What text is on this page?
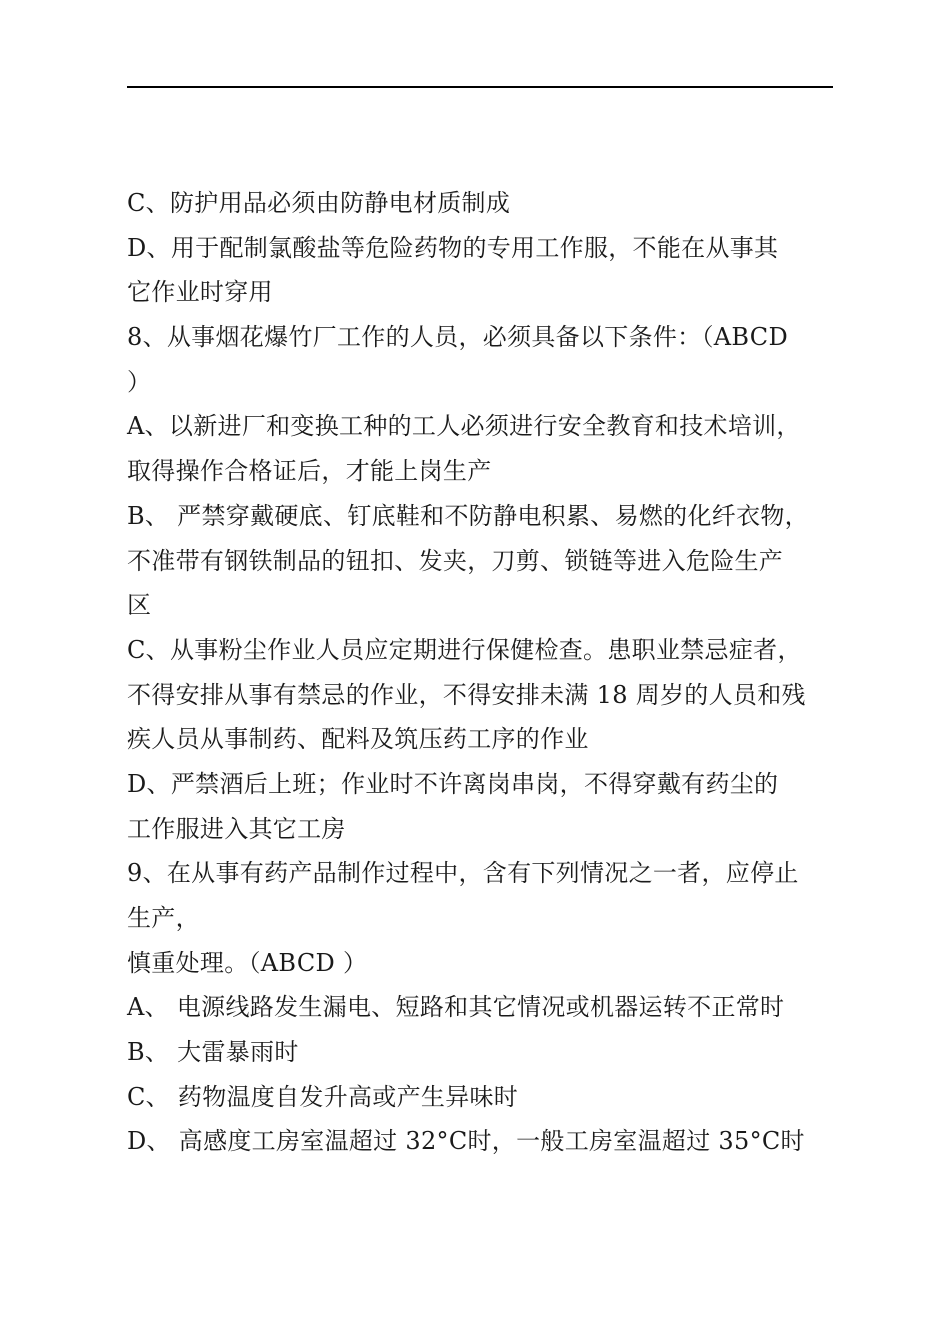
C、防护用品必须由防静电材质制成
D、用于配制氯酸盐等危险药物的专用工作服，不能在从事其
它作业时穿用
8、从事烟花爆竹厂工作的人员，必须具备以下条件：（ABCD
）
A、以新进厂和变换工种的工人必须进行安全教育和技术培训，
取得操作合格证后，才能上岗生产
B、 严禁穿戴硬底、钉底鞋和不防静电积累、易燃的化纤衣物，
不准带有钢铁制品的钮扣、发夹，刀剪、锁链等进入危险生产
区
C、从事粉尘作业人员应定期进行保健检查。患职业禁忌症者，
不得安排从事有禁忌的作业，不得安排未满 18 周岁的人员和残
疾人员从事制药、配料及筑压药工序的作业
D、严禁酒后上班；作业时不许离岗串岗，不得穿戴有药尘的
工作服进入其它工房
9、在从事有药产品制作过程中，含有下列情况之一者，应停止
生产，
慎重处理。（ABCD ）
A、 电源线路发生漏电、短路和其它情况或机器运转不正常时
B、 大雷暴雨时
C、 药物温度自发升高或产生异味时
D、 高感度工房室温超过 32°C时，一般工房室温超过 35°C时
